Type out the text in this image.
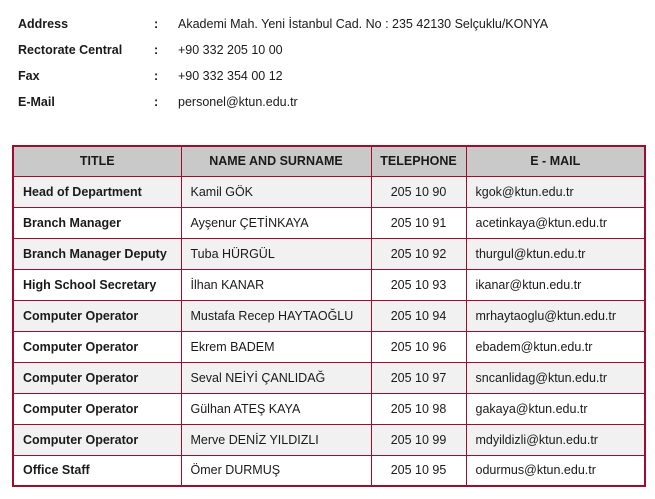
Address	:	Akademi Mah. Yeni İstanbul Cad. No : 235 42130 Selçuklu/KONYA
Rectorate Central	:	+90 332 205 10 00
Fax	:	+90 332 354 00 12
E-Mail	:	personel@ktun.edu.tr
TITLE	NAME AND SURNAME	TELEPHONE	E - MAIL
Head of Department	Kamil GÖK	205 10 90	kgok@ktun.edu.tr
Branch Manager	Ayşenur ÇETİNKAYA	205 10 91	acetinkaya@ktun.edu.tr
Branch Manager Deputy	Tuba HÜRGÜL	205 10 92	thurgul@ktun.edu.tr
High School Secretary	İlhan KANAR	205 10 93	ikanar@ktun.edu.tr
Computer Operator	Mustafa Recep HAYTAOĞLU	205 10 94	mrhaytaoglu@ktun.edu.tr
Computer Operator	Ekrem BADEM	205 10 96	ebadem@ktun.edu.tr
Computer Operator	Seval NEİYİ ÇANLIDAĞ	205 10 97	sncanlidag@ktun.edu.tr
Computer Operator	Gülhan ATEŞ KAYA	205 10 98	gakaya@ktun.edu.tr
Computer Operator	Merve DENİZ YILDIZLI	205 10 99	mdyildizli@ktun.edu.tr
Office Staff	Ömer DURMUŞ	205 10 95	odurmus@ktun.edu.tr
